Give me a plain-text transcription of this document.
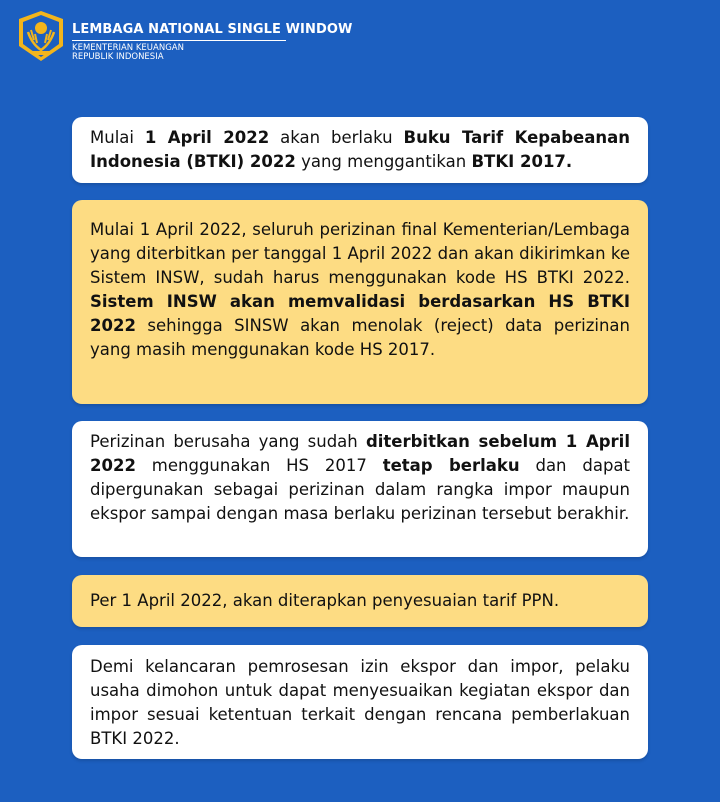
LEMBAGA NATIONAL SINGLE WINDOW
KEMENTERIAN KEUANGAN
REPUBLIK INDONESIA
Mulai 1 April 2022 akan berlaku Buku Tarif Kepabeanan Indonesia (BTKI) 2022 yang menggantikan BTKI 2017.
Mulai 1 April 2022, seluruh perizinan final Kementerian/Lembaga yang diterbitkan per tanggal 1 April 2022 dan akan dikirimkan ke Sistem INSW, sudah harus menggunakan kode HS BTKI 2022. Sistem INSW akan memvalidasi berdasarkan HS BTKI 2022 sehingga SINSW akan menolak (reject) data perizinan yang masih menggunakan kode HS 2017.
Perizinan berusaha yang sudah diterbitkan sebelum 1 April 2022 menggunakan HS 2017 tetap berlaku dan dapat dipergunakan sebagai perizinan dalam rangka impor maupun ekspor sampai dengan masa berlaku perizinan tersebut berakhir.
Per 1 April 2022, akan diterapkan penyesuaian tarif PPN.
Demi kelancaran pemrosesan izin ekspor dan impor, pelaku usaha dimohon untuk dapat menyesuaikan kegiatan ekspor dan impor sesuai ketentuan terkait dengan rencana pemberlakuan BTKI 2022.
